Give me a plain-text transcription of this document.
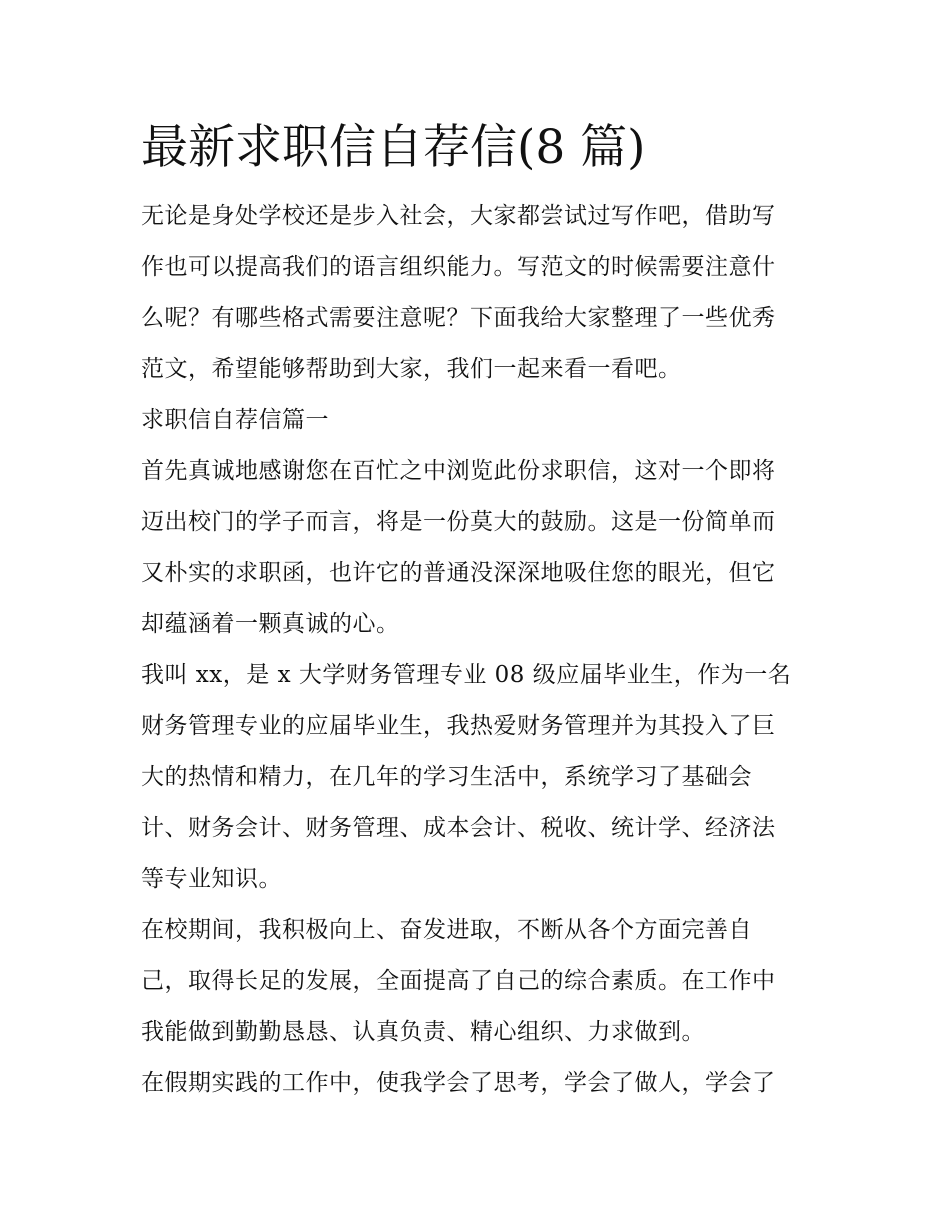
最新求职信自荐信(8 篇)
无论是身处学校还是步入社会，大家都尝试过写作吧，借助写
作也可以提高我们的语言组织能力。写范文的时候需要注意什
么呢？有哪些格式需要注意呢？下面我给大家整理了一些优秀
范文，希望能够帮助到大家，我们一起来看一看吧。
求职信自荐信篇一
首先真诚地感谢您在百忙之中浏览此份求职信，这对一个即将
迈出校门的学子而言，将是一份莫大的鼓励。这是一份简单而
又朴实的求职函，也许它的普通没深深地吸住您的眼光，但它
却蕴涵着一颗真诚的心。
我叫 xx，是 x 大学财务管理专业 08 级应届毕业生，作为一名
财务管理专业的应届毕业生，我热爱财务管理并为其投入了巨
大的热情和精力，在几年的学习生活中，系统学习了基础会
计、财务会计、财务管理、成本会计、税收、统计学、经济法
等专业知识。
在校期间，我积极向上、奋发进取，不断从各个方面完善自
己，取得长足的发展，全面提高了自己的综合素质。在工作中
我能做到勤勤恳恳、认真负责、精心组织、力求做到。
在假期实践的工作中，使我学会了思考，学会了做人，学会了
